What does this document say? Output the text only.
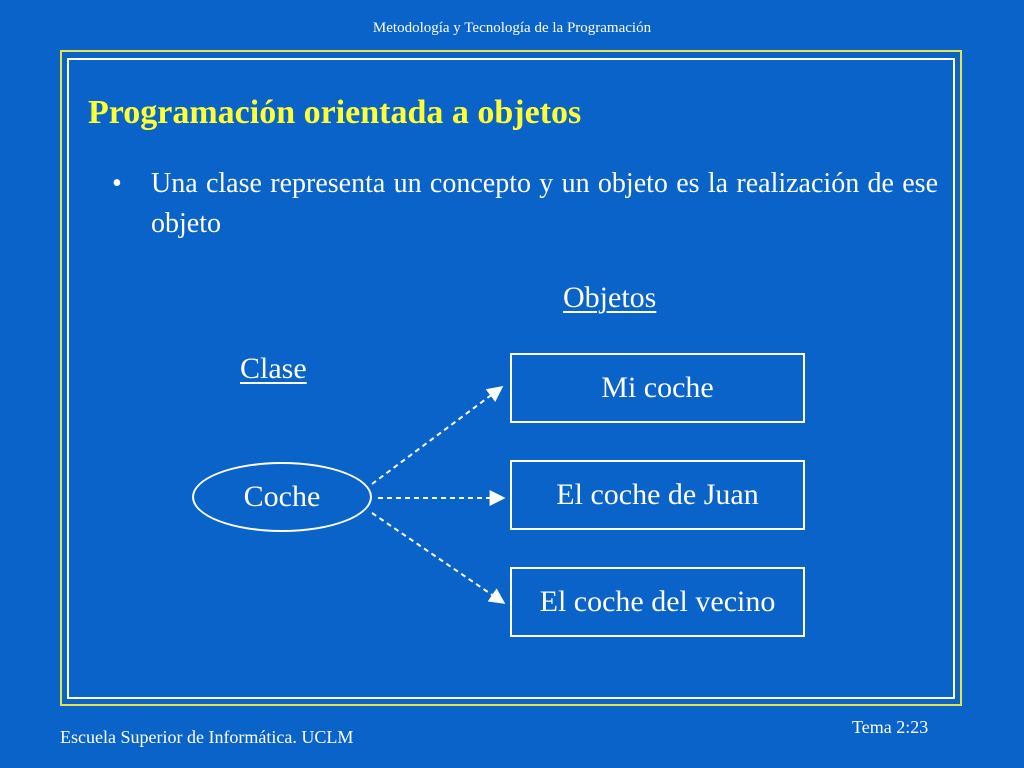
Metodología y Tecnología de la Programación
Programación orientada a objetos
• Una clase representa un concepto y un objeto es la realización de ese objeto
Objetos
Clase
Coche
Mi coche
El coche de Juan
El coche del vecino
Escuela Superior de Informática. UCLM	Tema 2:23
